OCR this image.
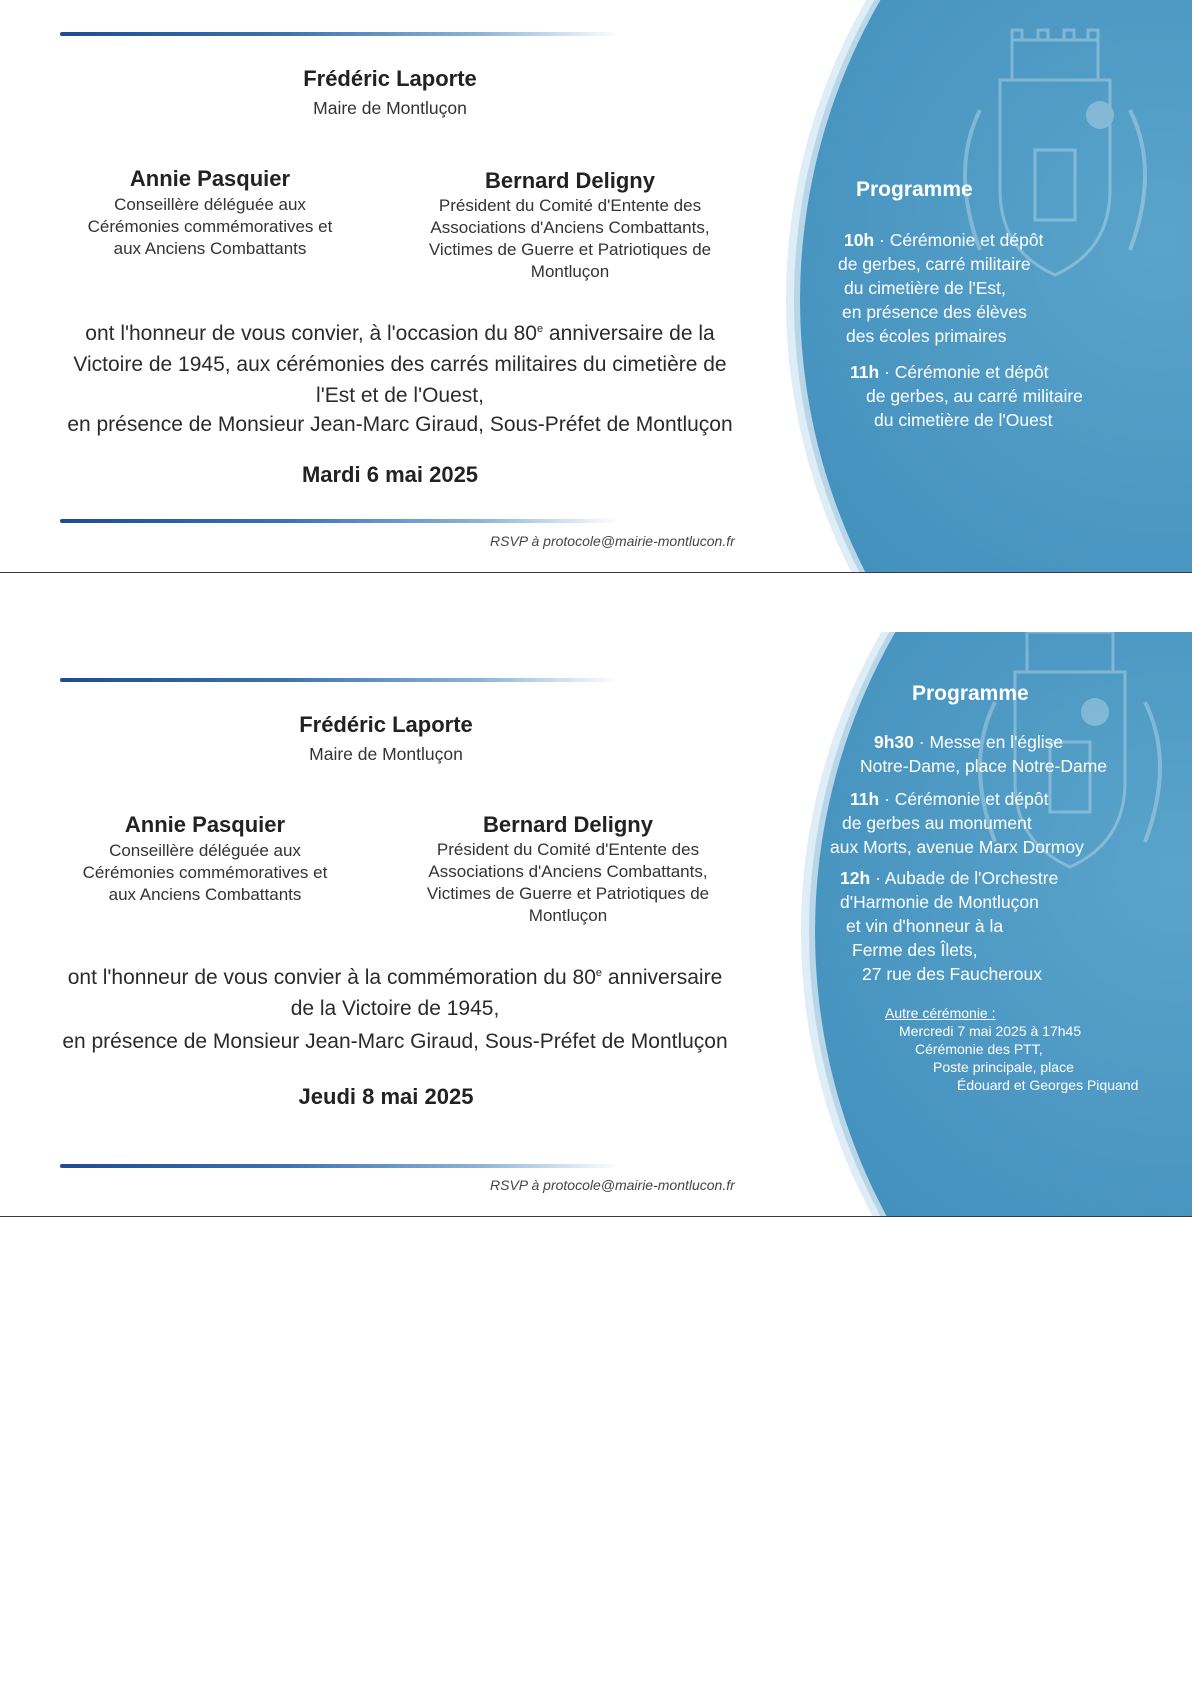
Frédéric Laporte
Maire de Montluçon
Annie Pasquier
Conseillère déléguée aux
Cérémonies commémoratives et
aux Anciens Combattants
Bernard Deligny
Président du Comité d'Entente des
Associations d'Anciens Combattants,
Victimes de Guerre et Patriotiques de
Montluçon
ont l'honneur de vous convier, à l'occasion du 80e anniversaire de la
Victoire de 1945, aux cérémonies des carrés militaires du cimetière de
l'Est et de l'Ouest,
en présence de Monsieur Jean-Marc Giraud, Sous-Préfet de Montluçon
Mardi 6 mai 2025
RSVP à protocole@mairie-montlucon.fr
Programme
10h · Cérémonie et dépôt
de gerbes, carré militaire
du cimetière de l'Est,
en présence des élèves
des écoles primaires
11h · Cérémonie et dépôt
de gerbes, au carré militaire
du cimetière de l'Ouest
Frédéric Laporte
Maire de Montluçon
Annie Pasquier
Conseillère déléguée aux
Cérémonies commémoratives et
aux Anciens Combattants
Bernard Deligny
Président du Comité d'Entente des
Associations d'Anciens Combattants,
Victimes de Guerre et Patriotiques de
Montluçon
ont l'honneur de vous convier à la commémoration du 80e anniversaire
de la Victoire de 1945,
en présence de Monsieur Jean-Marc Giraud, Sous-Préfet de Montluçon
Jeudi 8 mai 2025
RSVP à protocole@mairie-montlucon.fr
Programme
9h30 · Messe en l'église
Notre-Dame, place Notre-Dame
11h · Cérémonie et dépôt
de gerbes au monument
aux Morts, avenue Marx Dormoy
12h · Aubade de l'Orchestre
d'Harmonie de Montluçon
et vin d'honneur à la
Ferme des Îlets,
27 rue des Faucheroux
Autre cérémonie :
Mercredi 7 mai 2025 à 17h45
Cérémonie des PTT,
Poste principale, place
Édouard et Georges Piquand
